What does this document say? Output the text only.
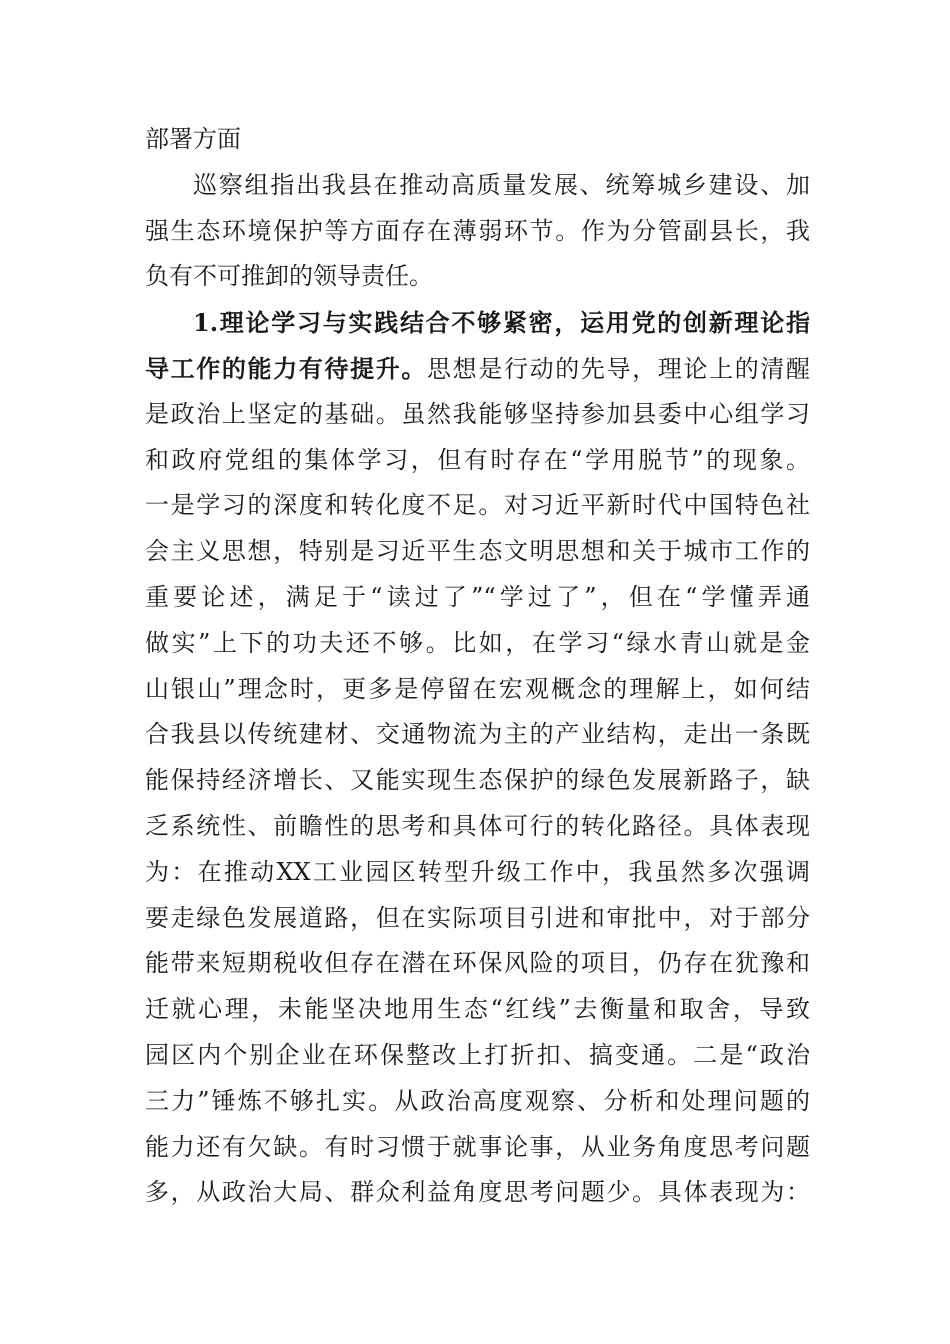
部署方面
巡察组指出我县在推动高质量发展、统筹城乡建设、加
强生态环境保护等方面存在薄弱环节。作为分管副县长，我
负有不可推卸的领导责任。
1.理论学习与实践结合不够紧密，运用党的创新理论指
导工作的能力有待提升。思想是行动的先导，理论上的清醒
是政治上坚定的基础。虽然我能够坚持参加县委中心组学习
和政府党组的集体学习，但有时存在“学用脱节”的现象。
一是学习的深度和转化度不足。对习近平新时代中国特色社
会主义思想，特别是习近平生态文明思想和关于城市工作的
重要论述，满足于“读过了”“学过了”，但在“学懂弄通
做实”上下的功夫还不够。比如，在学习“绿水青山就是金
山银山”理念时，更多是停留在宏观概念的理解上，如何结
合我县以传统建材、交通物流为主的产业结构，走出一条既
能保持经济增长、又能实现生态保护的绿色发展新路子，缺
乏系统性、前瞻性的思考和具体可行的转化路径。具体表现
为：在推动XX工业园区转型升级工作中，我虽然多次强调
要走绿色发展道路，但在实际项目引进和审批中，对于部分
能带来短期税收但存在潜在环保风险的项目，仍存在犹豫和
迁就心理，未能坚决地用生态“红线”去衡量和取舍，导致
园区内个别企业在环保整改上打折扣、搞变通。二是“政治
三力”锤炼不够扎实。从政治高度观察、分析和处理问题的
能力还有欠缺。有时习惯于就事论事，从业务角度思考问题
多，从政治大局、群众利益角度思考问题少。具体表现为：
